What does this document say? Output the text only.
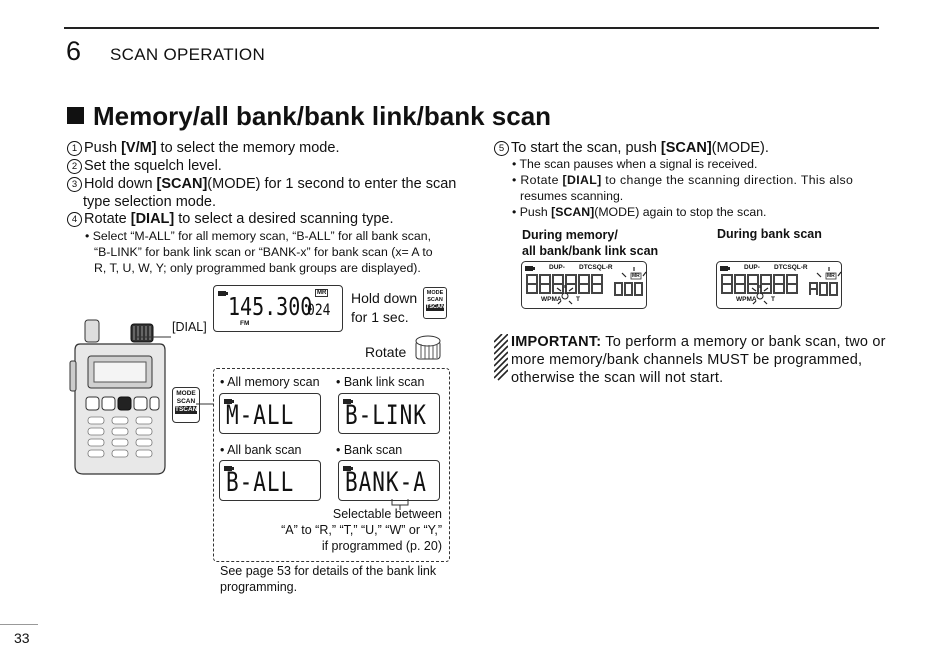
6 SCAN OPERATION
Memory/all bank/bank link/bank scan
1 Push [V/M] to select the memory mode.
2 Set the squelch level.
3 Hold down [SCAN](MODE) for 1 second to enter the scan
type selection mode.
4 Rotate [DIAL] to select a desired scanning type.
• Select “M-ALL” for all memory scan, “B-ALL” for all bank scan,
“B-LINK” for bank link scan or “BANK-x” for bank scan (x= A to
R, T, U, W, Y; only programmed bank groups are displayed).
[DIAL]
MODE
SCAN
TSCAN
145.300 MR
024
FM
Hold down
for 1 sec.
MODE
SCAN
TSCAN
Rotate
• All memory scan • Bank link scan
M-ALL B-LINK
• All bank scan	• Bank scan
B-ALL BANK-A
Selectable between
“A” to “R,” “T,” “U,” “W” or “Y,”
if programmed (p. 20)
See page 53 for details of the bank link
programming.
5 To start the scan, push [SCAN](MODE).
• The scan pauses when a signal is received.
• Rotate [DIAL] to change the scanning direction. This also
resumes scanning.
• Push [SCAN](MODE) again to stop the scan.
During memory/
all bank/bank link scan
During bank scan
DUP- DTCSQL-R
MR
WPMA T
DUP- DTCSQL-R
MR
WPMA T
IMPORTANT: To perform a memory or bank scan, two or
more memory/bank channels MUST be programmed,
otherwise the scan will not start.
33
